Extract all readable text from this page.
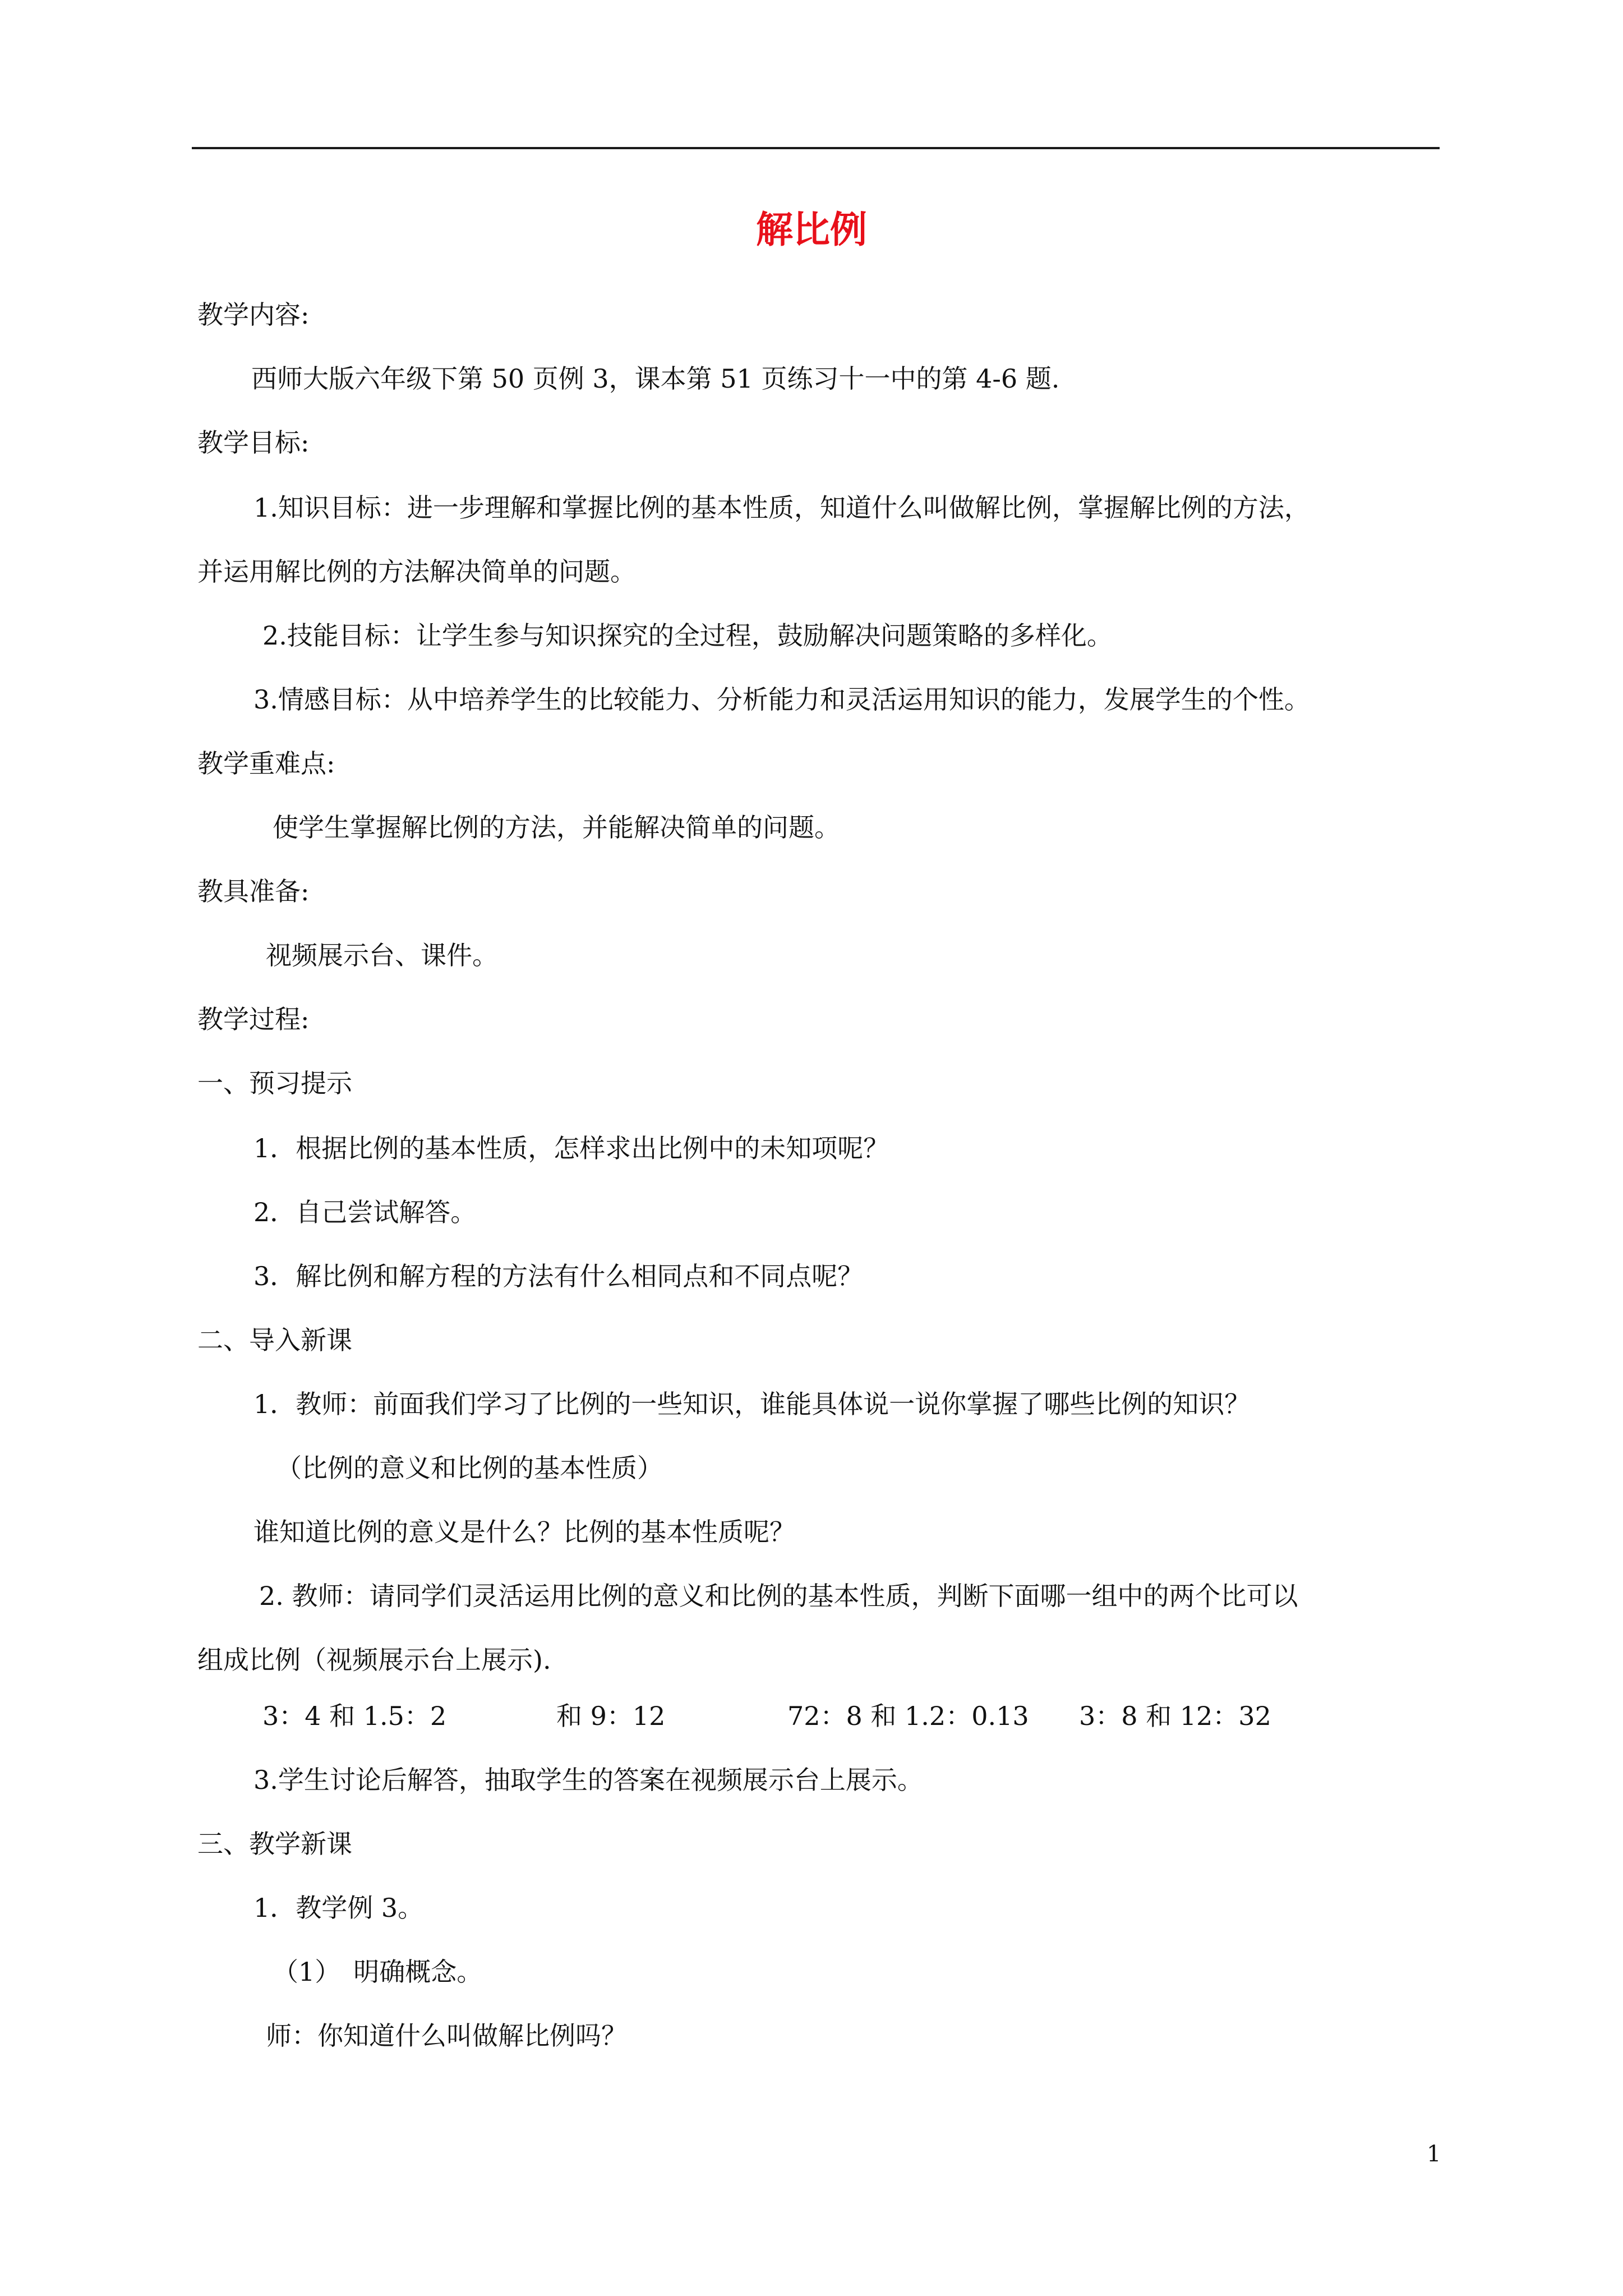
解比例
教学内容:
西师大版六年级下第 50 页例 3，课本第 51 页练习十一中的第 4-6 题.
教学目标:
1.知识目标：进一步理解和掌握比例的基本性质，知道什么叫做解比例，掌握解比例的方法，
并运用解比例的方法解决简单的问题。
2.技能目标：让学生参与知识探究的全过程，鼓励解决问题策略的多样化。
3.情感目标：从中培养学生的比较能力、分析能力和灵活运用知识的能力，发展学生的个性。
教学重难点:
使学生掌握解比例的方法，并能解决简单的问题。
教具准备:
视频展示台、课件。
教学过程:
一、预习提示
1．根据比例的基本性质，怎样求出比例中的未知项呢？
2．自己尝试解答。
3．解比例和解方程的方法有什么相同点和不同点呢？
二、导入新课
1．教师：前面我们学习了比例的一些知识，谁能具体说一说你掌握了哪些比例的知识？
（比例的意义和比例的基本性质）
谁知道比例的意义是什么？比例的基本性质呢？
2. 教师：请同学们灵活运用比例的意义和比例的基本性质，判断下面哪一组中的两个比可以
组成比例（视频展示台上展示).
3.学生讨论后解答，抽取学生的答案在视频展示台上展示。
三、教学新课
1．教学例 3。
（1）　明确概念。
师：你知道什么叫做解比例吗？
3：4 和 1.5：2	和 9：12	72：8 和 1.2：0.13 3：8 和 12：32
1
